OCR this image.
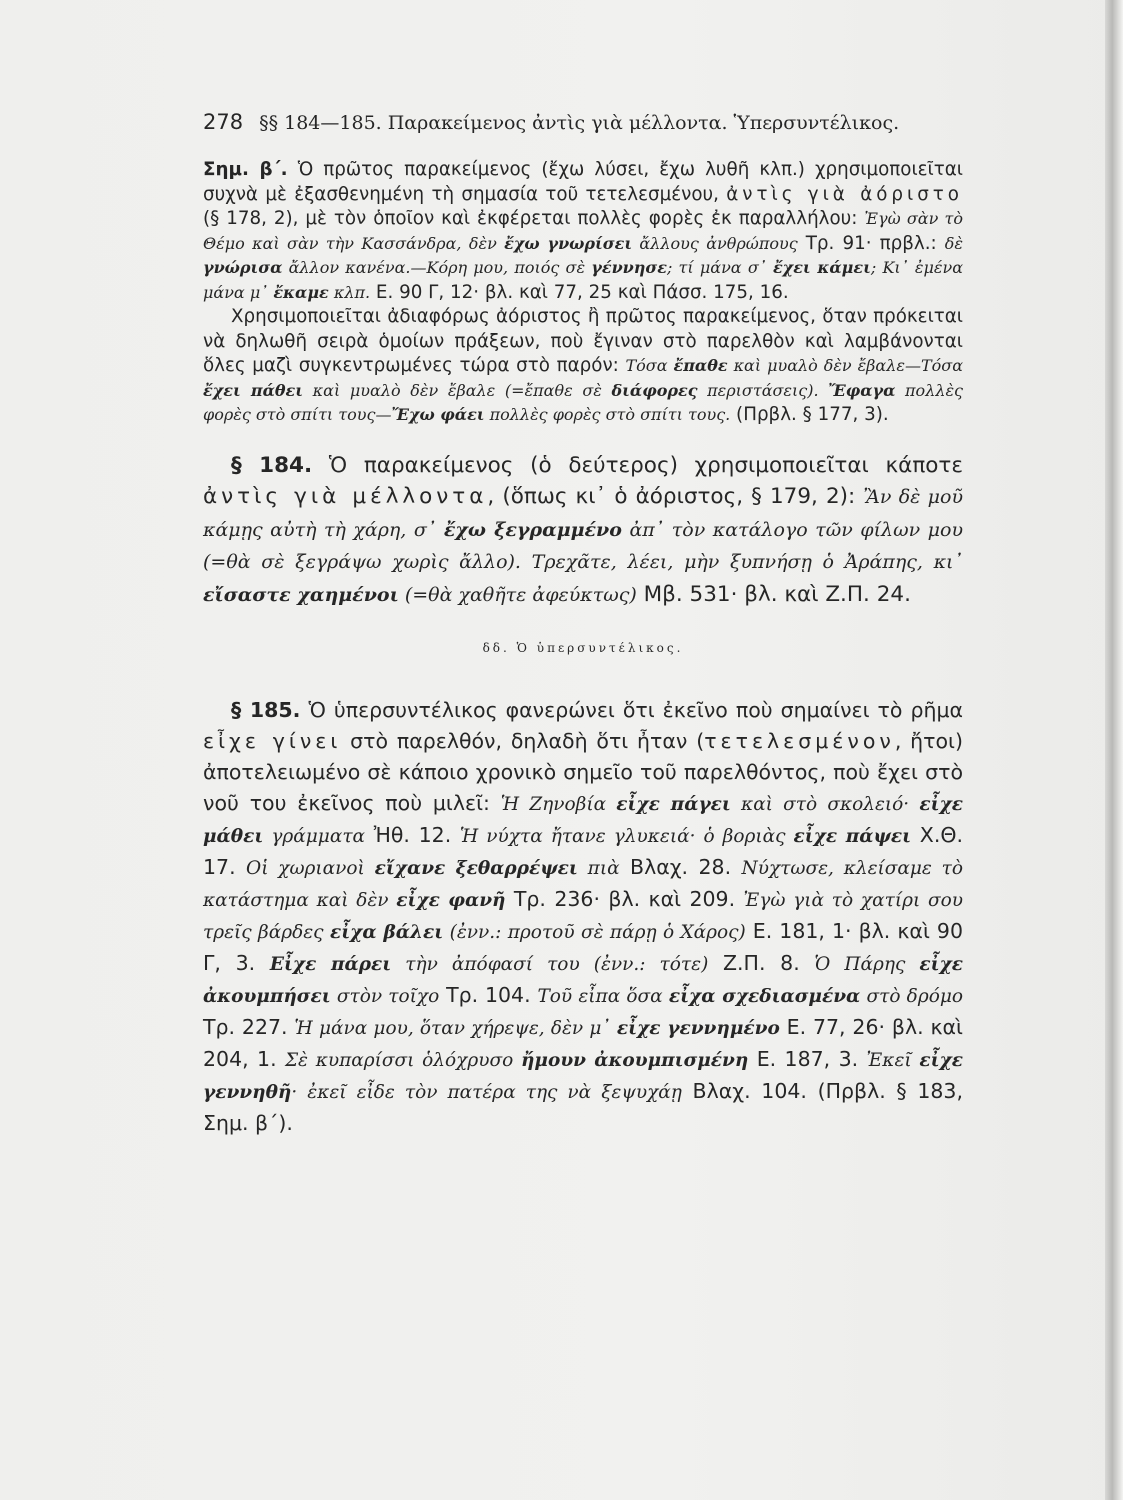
278 §§ 184—185. Παρακείμενος ἀντὶς γιὰ μέλλοντα. Ὑπερσυντέλικος.

Σημ. β΄. Ὁ πρῶτος παρακείμενος (ἔχω λύσει, ἔχω λυθῆ κλπ.) χρησιμοποιεῖται συχνὰ μὲ ἐξασθενημένη τὴ σημασία τοῦ τετελεσμένου, ἀντὶς γιὰ ἀόριστο (§ 178, 2), μὲ τὸν ὁποῖον καὶ ἐκφέρεται πολλὲς φορὲς ἐκ παραλλήλου: Ἐγὼ σὰν τὸ Θέμο καὶ σὰν τὴν Κασσάνδρα, δὲν ἔχω γνωρίσει ἄλλους ἀνθρώπους Τρ. 91· πρβλ.: δὲ γνώρισα ἄλλον κανένα.—Κόρη μου, ποιός σὲ γέννησε; τί μάνα σ᾿ ἔχει κάμει; Κι᾿ ἐμένα μάνα μ᾿ ἔκαμε κλπ. Ε. 90 Γ, 12· βλ. καὶ 77, 25 καὶ Πάσσ. 175, 16.

Χρησιμοποιεῖται ἀδιαφόρως ἀόριστος ἢ πρῶτος παρακείμενος, ὅταν πρόκειται νὰ δηλωθῆ σειρὰ ὁμοίων πράξεων, ποὺ ἔγιναν στὸ παρελθὸν καὶ λαμβάνονται ὅλες μαζὶ συγκεντρωμένες τώρα στὸ παρόν: Τόσα ἔπαθε καὶ μυαλὸ δὲν ἔβαλε—Τόσα ἔχει πάθει καὶ μυαλὸ δὲν ἔβαλε (=ἔπαθε σὲ διάφορες περιστάσεις). Ἔφαγα πολλὲς φορὲς στὸ σπίτι τους—Ἔχω φάει πολλὲς φορὲς στὸ σπίτι τους. (Πρβλ. § 177, 3).

§ 184. Ὁ παρακείμενος (ὁ δεύτερος) χρησιμοποιεῖται κάποτε ἀντὶς γιὰ μέλλοντα, (ὅπως κι᾿ ὁ ἀόριστος, § 179, 2): Ἂν δὲ μοῦ κάμῃς αὐτὴ τὴ χάρη, σ᾿ ἔχω ξεγραμμένο ἀπ᾿ τὸν κατάλογο τῶν φίλων μου (=θὰ σὲ ξεγράψω χωρὶς ἄλλο). Τρεχᾶτε, λέει, μὴν ξυπνήσῃ ὁ Ἀράπης, κι᾿ εἴσαστε χαημένοι (=θὰ χαθῆτε ἀφεύκτως) Μβ. 531· βλ. καὶ Ζ.Π. 24.

δδ. Ὁ ὑπερσυντέλικος.

§ 185. Ὁ ὑπερσυντέλικος φανερώνει ὅτι ἐκεῖνο ποὺ σημαίνει τὸ ρῆμα εἶχε γίνει στὸ παρελθόν, δηλαδὴ ὅτι ἦταν (τετελεσμένον, ἤτοι) ἀποτελειωμένο σὲ κάποιο χρονικὸ σημεῖο τοῦ παρελθόντος, ποὺ ἔχει στὸ νοῦ του ἐκεῖνος ποὺ μιλεῖ: Ἡ Ζηνοβία εἶχε πάγει καὶ στὸ σκολειό· εἶχε μάθει γράμματα Ἠθ. 12. Ἡ νύχτα ἤτανε γλυκειά· ὁ βοριὰς εἶχε πάψει Χ.Θ. 17. Οἱ χωριανοὶ εἴχανε ξεθαρρέψει πιὰ Βλαχ. 28. Νύχτωσε, κλείσαμε τὸ κατάστημα καὶ δὲν εἶχε φανῆ Τρ. 236· βλ. καὶ 209. Ἐγὼ γιὰ τὸ χατίρι σου τρεῖς βάρδες εἶχα βάλει (ἐνν.: προτοῦ σὲ πάρῃ ὁ Χάρος) Ε. 181, 1· βλ. καὶ 90 Γ, 3. Εἶχε πάρει τὴν ἀπόφασί του (ἐνν.: τότε) Ζ.Π. 8. Ὁ Πάρης εἶχε ἀκουμπήσει στὸν τοῖχο Τρ. 104. Τοῦ εἶπα ὅσα εἶχα σχεδιασμένα στὸ δρόμο Τρ. 227. Ἡ μάνα μου, ὅταν χήρεψε, δὲν μ᾿ εἶχε γεννημένο Ε. 77, 26· βλ. καὶ 204, 1. Σὲ κυπαρίσσι ὁλόχρυσο ἤμουν ἀκουμπισμένη Ε. 187, 3. Ἐκεῖ εἶχε γεννηθῆ· ἐκεῖ εἶδε τὸν πατέρα της νὰ ξεψυχάῃ Βλαχ. 104. (Πρβλ. § 183, Σημ. β΄).
